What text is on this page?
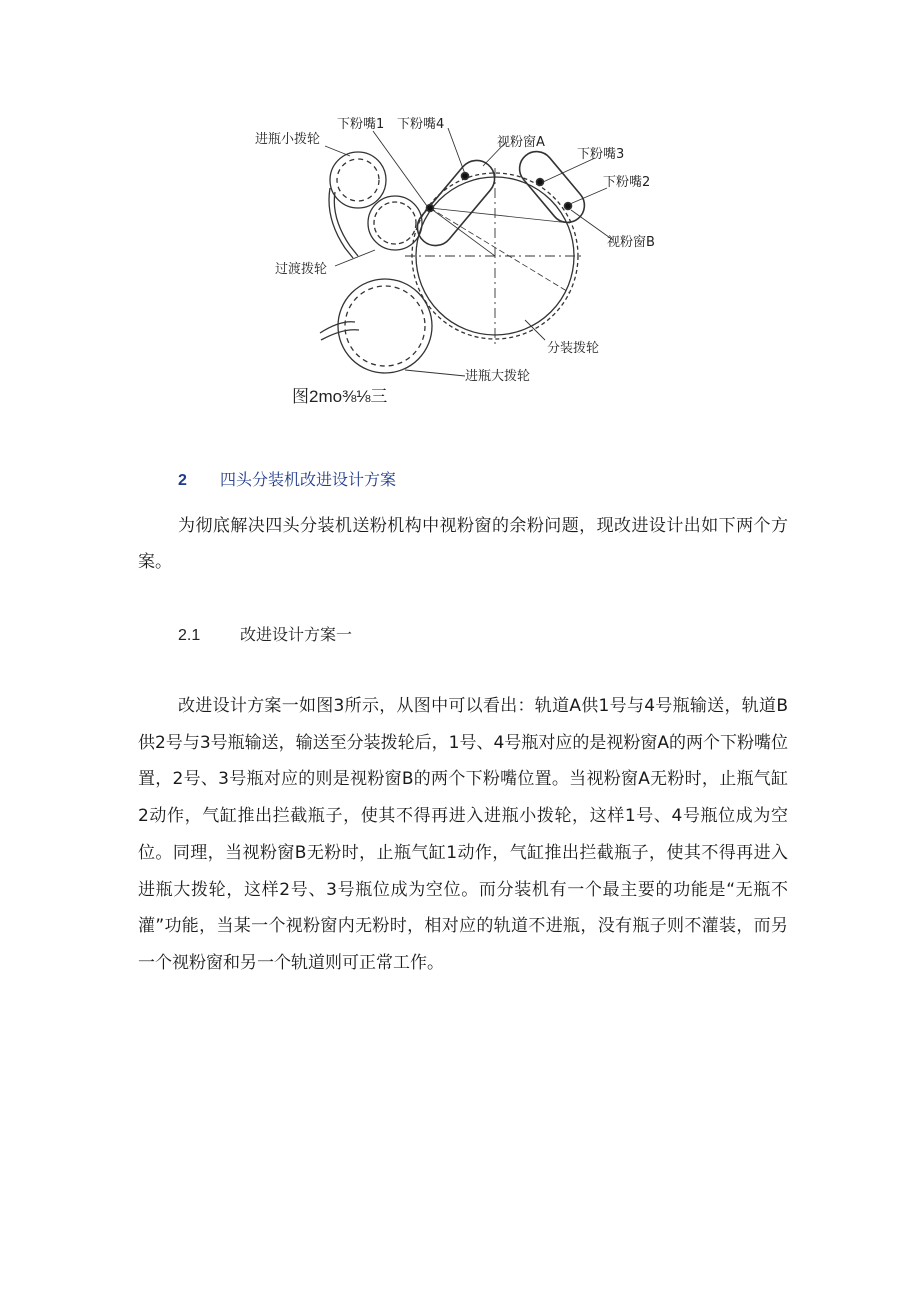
进瓶小拨轮
下粉嘴1 下粉嘴4
视粉窗A
下粉嘴3
下粉嘴2
视粉窗B
过渡拨轮
分装拨轮
进瓶大拨轮
图2mo⅜⅛三
2 四头分装机改进设计方案
为彻底解决四头分装机送粉机构中视粉窗的余粉问题，现改进设计出如下两个方案。
2.1 改进设计方案一
改进设计方案一如图3所示，从图中可以看出：轨道A供1号与4号瓶输送，轨道B供2号与3号瓶输送，输送至分装拨轮后，1号、4号瓶对应的是视粉窗A的两个下粉嘴位置，2号、3号瓶对应的则是视粉窗B的两个下粉嘴位置。当视粉窗A无粉时，止瓶气缸2动作，气缸推出拦截瓶子，使其不得再进入进瓶小拨轮，这样1号、4号瓶位成为空位。同理，当视粉窗B无粉时，止瓶气缸1动作，气缸推出拦截瓶子，使其不得再进入进瓶大拨轮，这样2号、3号瓶位成为空位。而分装机有一个最主要的功能是“无瓶不灌”功能，当某一个视粉窗内无粉时，相对应的轨道不进瓶，没有瓶子则不灌装，而另一个视粉窗和另一个轨道则可正常工作。
